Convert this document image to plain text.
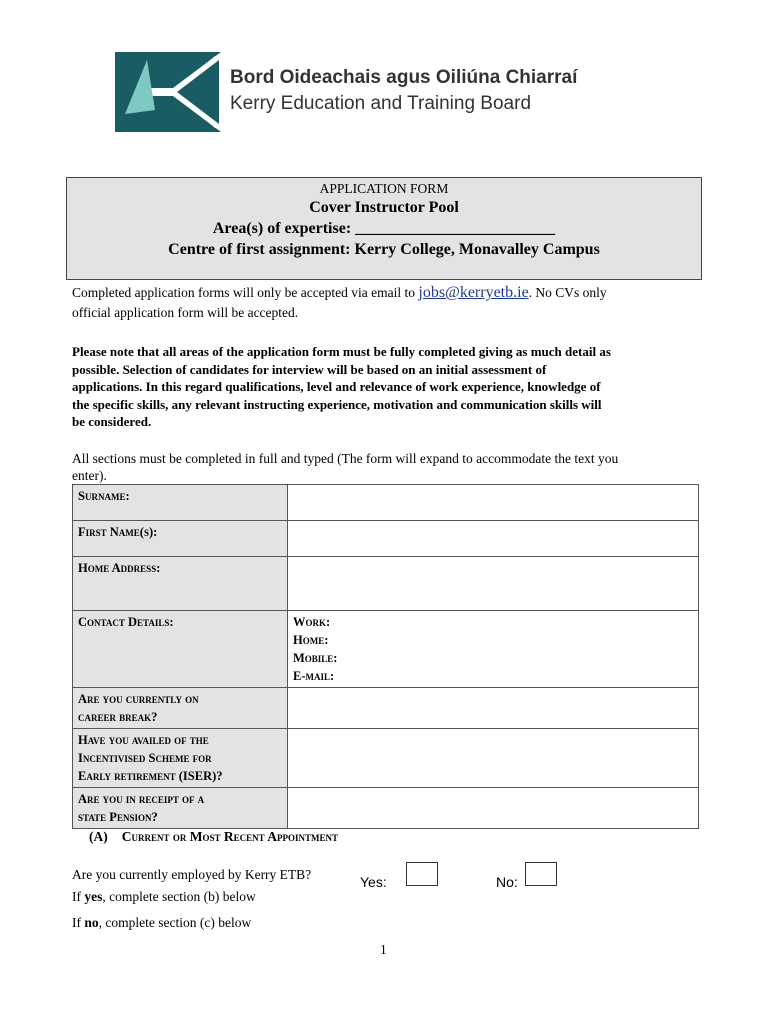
Bord Oideachais agus Oiliúna Chiarraí
Kerry Education and Training Board
APPLICATION FORM
Cover Instructor Pool
Area(s) of expertise: _________________________
Centre of first assignment: Kerry College, Monavalley Campus
Completed application forms will only be accepted via email to jobs@kerryetb.ie. No CVs only
official application form will be accepted.
Please note that all areas of the application form must be fully completed giving as much detail as
possible. Selection of candidates for interview will be based on an initial assessment of
applications. In this regard qualifications, level and relevance of work experience, knowledge of
the specific skills, any relevant instructing experience, motivation and communication skills will
be considered.
All sections must be completed in full and typed (The form will expand to accommodate the text you
enter).
Surname:	
First Name(s):	
Home Address:	
Contact Details:	Work:
Home:
Mobile:
E-mail:

Are you currently on
career break?	

Have you availed of the
Incentivised Scheme for
Early retirement (ISER)?	

Are you in receipt of a
state Pension?	

(A) Current or Most Recent Appointment
Are you currently employed by Kerry ETB?	Yes:	No:
If yes, complete section (b) below
If no, complete section (c) below
1
